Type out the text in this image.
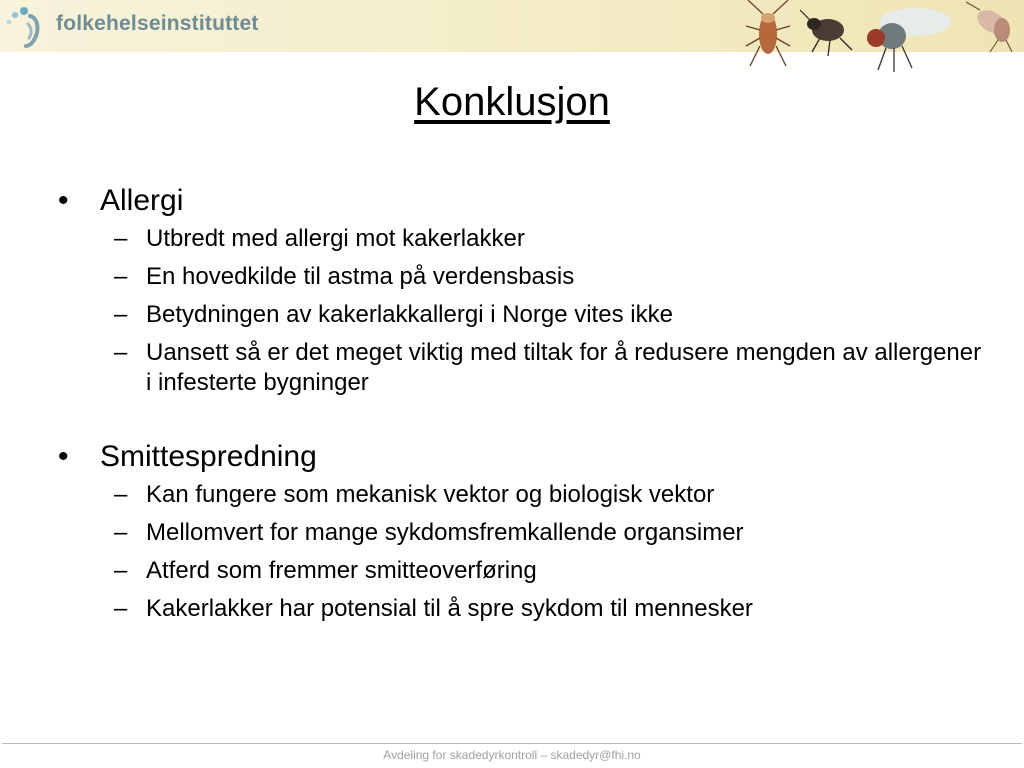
folkehelseinstituttet
Konklusjon
• Allergi
– Utbredt med allergi mot kakerlakker
– En hovedkilde til astma på verdensbasis
– Betydningen av kakerlakkallergi i Norge vites ikke
– Uansett så er det meget viktig med tiltak for å redusere mengden av allergener i infesterte bygninger
• Smittespredning
– Kan fungere som mekanisk vektor og biologisk vektor
– Mellomvert for mange sykdomsfremkallende organsimer
– Atferd som fremmer smitteoverføring
– Kakerlakker har potensial til å spre sykdom til mennesker
Avdeling for skadedyrkontroll – skadedyr@fhi.no
